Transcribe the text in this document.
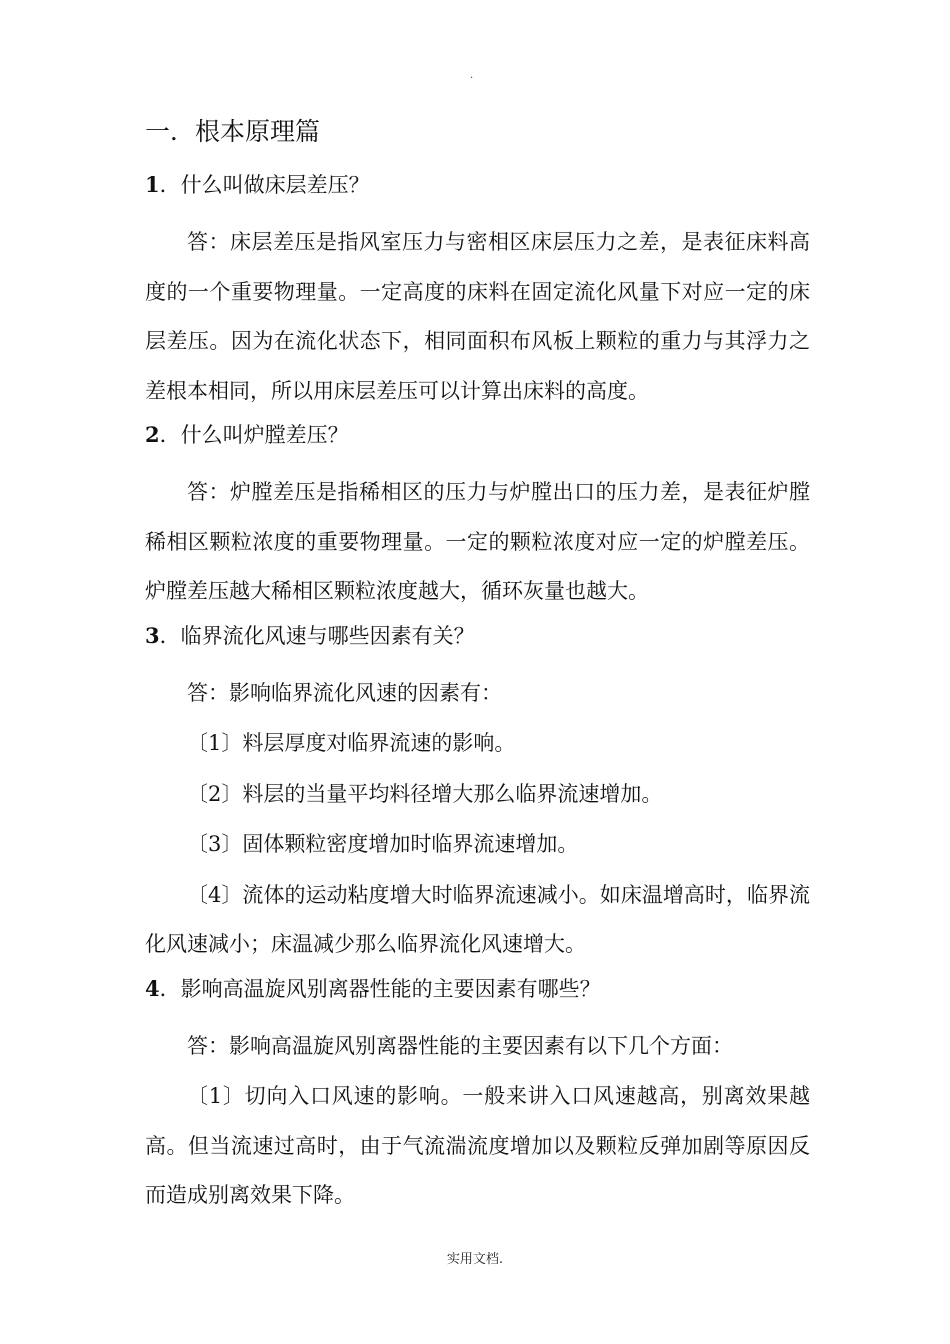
.
一．根本原理篇
1．什么叫做床层差压？
答：床层差压是指风室压力与密相区床层压力之差，是表征床料高度的一个重要物理量。一定高度的床料在固定流化风量下对应一定的床层差压。因为在流化状态下，相同面积布风板上颗粒的重力与其浮力之差根本相同，所以用床层差压可以计算出床料的高度。
2．什么叫炉膛差压？
答：炉膛差压是指稀相区的压力与炉膛出口的压力差，是表征炉膛稀相区颗粒浓度的重要物理量。一定的颗粒浓度对应一定的炉膛差压。炉膛差压越大稀相区颗粒浓度越大，循环灰量也越大。
3．临界流化风速与哪些因素有关？
答：影响临界流化风速的因素有：
〔1〕料层厚度对临界流速的影响。
〔2〕料层的当量平均料径增大那么临界流速增加。
〔3〕固体颗粒密度增加时临界流速增加。
〔4〕流体的运动粘度增大时临界流速减小。如床温增高时，临界流化风速减小；床温减少那么临界流化风速增大。
4．影响高温旋风别离器性能的主要因素有哪些？
答：影响高温旋风别离器性能的主要因素有以下几个方面：
〔1〕切向入口风速的影响。一般来讲入口风速越高，别离效果越高。但当流速过高时，由于气流湍流度增加以及颗粒反弹加剧等原因反而造成别离效果下降。
实用文档.
